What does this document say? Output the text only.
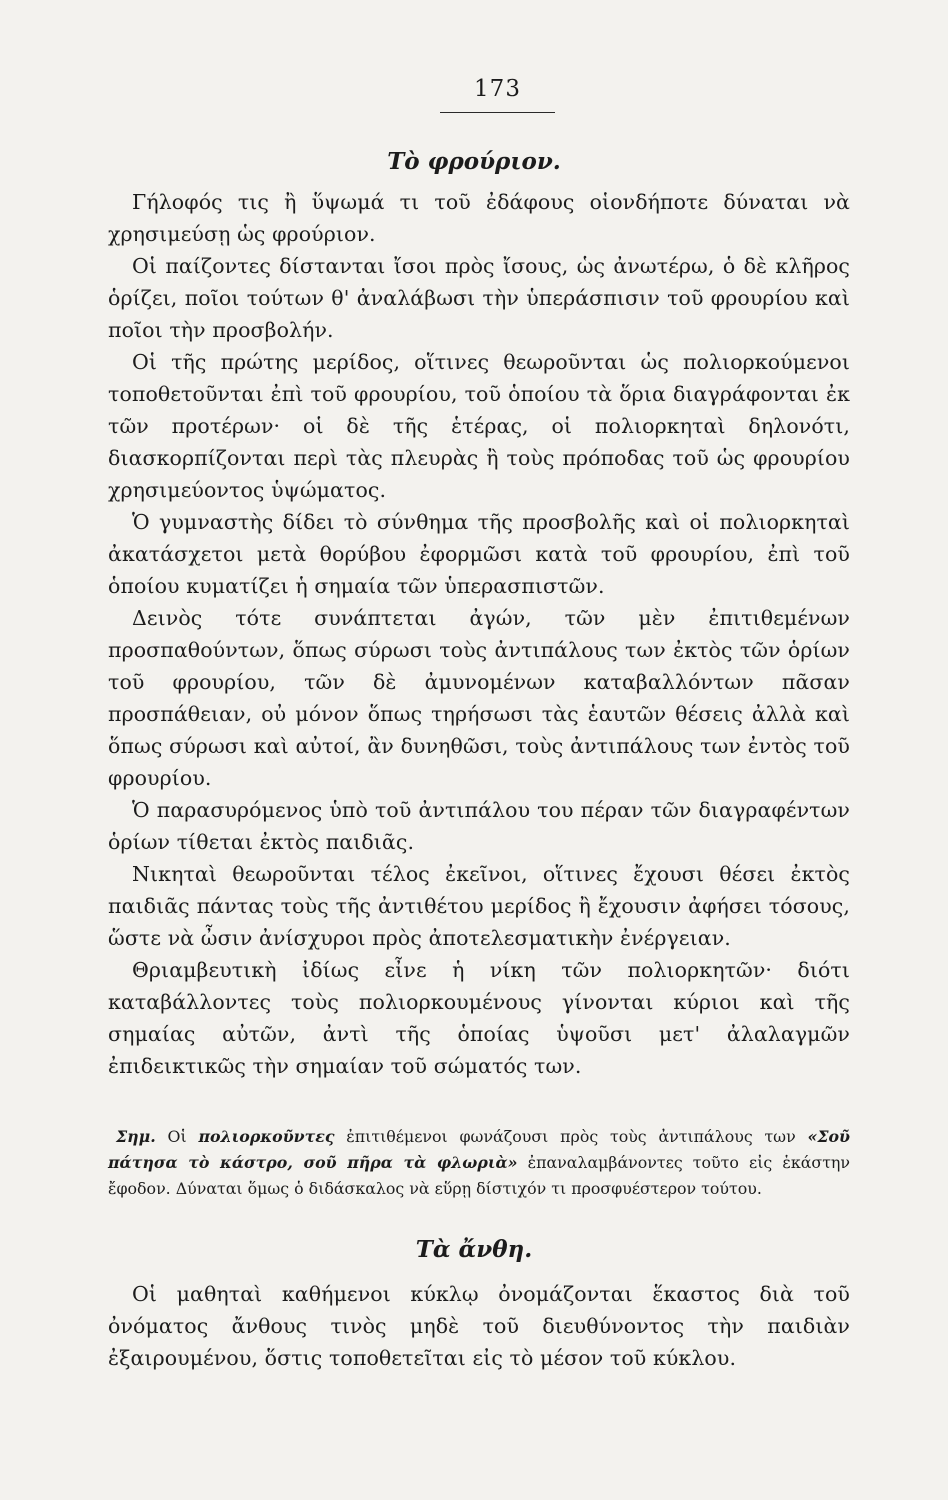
173
Τὸ φρούριον.

Γήλοφός τις ἢ ὕψωμά τι τοῦ ἐδάφους οἱονδήποτε δύναται νὰ χρησιμεύσῃ ὡς φρούριον.

Οἱ παίζοντες δίστανται ἴσοι πρὸς ἴσους, ὡς ἀνωτέρω, ὁ δὲ κλῆρος ὁρίζει, ποῖοι τούτων θ' ἀναλάβωσι τὴν ὑπεράσπισιν τοῦ φρουρίου καὶ ποῖοι τὴν προσβολήν.

Οἱ τῆς πρώτης μερίδος, οἵτινες θεωροῦνται ὡς πολιορκούμενοι τοποθετοῦνται ἐπὶ τοῦ φρουρίου, τοῦ ὁποίου τὰ ὅρια διαγράφονται ἐκ τῶν προτέρων· οἱ δὲ τῆς ἑτέρας, οἱ πολιορκηταὶ δηλονότι, διασκορπίζονται περὶ τὰς πλευρὰς ἢ τοὺς πρόποδας τοῦ ὡς φρουρίου χρησιμεύοντος ὑψώματος.

Ὁ γυμναστὴς δίδει τὸ σύνθημα τῆς προσβολῆς καὶ οἱ πολιορκηταὶ ἀκατάσχετοι μετὰ θορύβου ἐφορμῶσι κατὰ τοῦ φρουρίου, ἐπὶ τοῦ ὁποίου κυματίζει ἡ σημαία τῶν ὑπερασπιστῶν.

Δεινὸς τότε συνάπτεται ἀγών, τῶν μὲν ἐπιτιθεμένων προσπαθούντων, ὅπως σύρωσι τοὺς ἀντιπάλους των ἐκτὸς τῶν ὁρίων τοῦ φρουρίου, τῶν δὲ ἀμυνομένων καταβαλλόντων πᾶσαν προσπάθειαν, οὐ μόνον ὅπως τηρήσωσι τὰς ἑαυτῶν θέσεις ἀλλὰ καὶ ὅπως σύρωσι καὶ αὐτοί, ἂν δυνηθῶσι, τοὺς ἀντιπάλους των ἐντὸς τοῦ φρουρίου.

Ὁ παρασυρόμενος ὑπὸ τοῦ ἀντιπάλου του πέραν τῶν διαγραφέντων ὁρίων τίθεται ἐκτὸς παιδιᾶς.

Νικηταὶ θεωροῦνται τέλος ἐκεῖνοι, οἵτινες ἔχουσι θέσει ἐκτὸς παιδιᾶς πάντας τοὺς τῆς ἀντιθέτου μερίδος ἢ ἔχουσιν ἀφήσει τόσους, ὥστε νὰ ὦσιν ἀνίσχυροι πρὸς ἀποτελεσματικὴν ἐνέργειαν.

Θριαμβευτικὴ ἰδίως εἶνε ἡ νίκη τῶν πολιορκητῶν· διότι καταβάλλοντες τοὺς πολιορκουμένους γίνονται κύριοι καὶ τῆς σημαίας αὐτῶν, ἀντὶ τῆς ὁποίας ὑψοῦσι μετ' ἀλαλαγμῶν ἐπιδεικτικῶς τὴν σημαίαν τοῦ σώματός των.

Σημ. Οἱ πολιορκοῦντες ἐπιτιθέμενοι φωνάζουσι πρὸς τοὺς ἀντιπάλους των «Σοῦ πάτησα τὸ κάστρο, σοῦ πῆρα τὰ φλωριὰ» ἐπαναλαμβάνοντες τοῦτο εἰς ἑκάστην ἔφοδον. Δύναται ὅμως ὁ διδάσκαλος νὰ εὕρῃ δίστιχόν τι προσφυέστερον τούτου.

Τὰ ἄνθη.

Οἱ μαθηταὶ καθήμενοι κύκλῳ ὀνομάζονται ἕκαστος διὰ τοῦ ὀνόματος ἄνθους τινὸς μηδὲ τοῦ διευθύνοντος τὴν παιδιὰν ἐξαιρουμένου, ὅστις τοποθετεῖται εἰς τὸ μέσον τοῦ κύκλου.
